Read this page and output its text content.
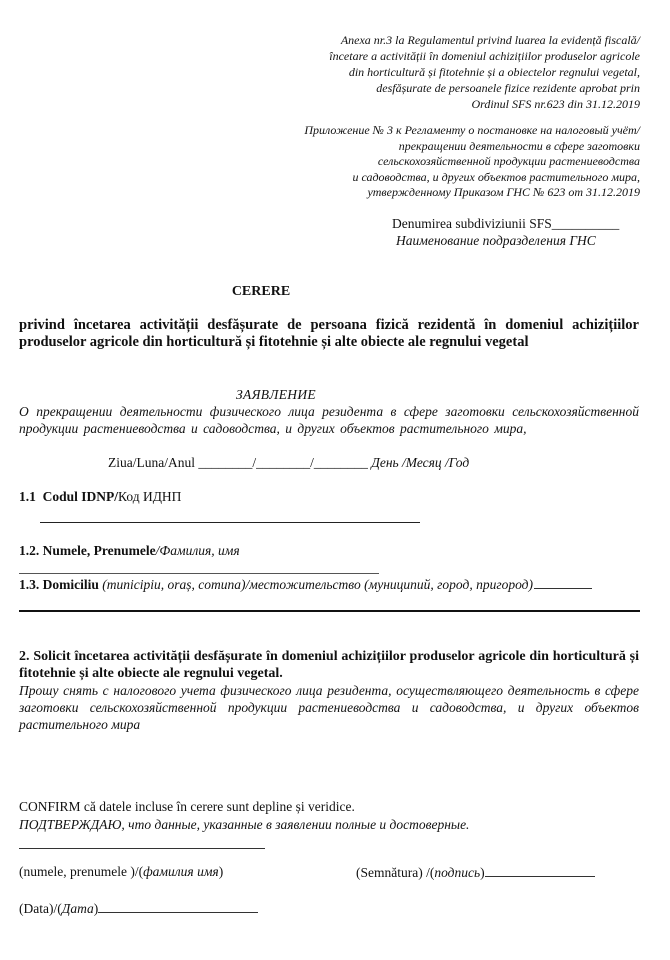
Anexa nr.3 la Regulamentul privind luarea la evidență fiscală/
încetare a activității în domeniul achizițiilor produselor agricole
din horticultură și fitotehnie și a obiectelor regnului vegetal,
desfășurate de persoanele fizice rezidente aprobat prin
Ordinul SFS nr.623 din 31.12.2019
Приложение № 3 к Регламенту о постановке на налоговый учёт/
прекращении деятельности в сфере заготовки
сельскохозяйственной продукции растениеводства
и садоводства, и других объектов растительного мира,
утвержденному Приказом ГНС № 623 от 31.12.2019
Denumirea subdiviziunii SFS__________
Наименование подразделения ГНС
CERERE
privind încetarea activității desfășurate de persoana fizică rezidentă în domeniul achizițiilor produselor agricole din horticultură și fitotehnie și alte obiecte ale regnului vegetal
ЗАЯВЛЕНИЕ
О прекращении деятельности физического лица резидента в сфере заготовки сельскохозяйственной продукции растениеводства и садоводства, и других объектов растительного мира,
Ziua/Luna/Anul ________/________/________ День /Месяц /Год
1.1 Codul IDNP/Код ИДНП
1.2. Numele, Prenumele/Фамилия, имя
1.3. Domiciliu (municipiu, oraș, comuna)/местожительство (муниципий, город, пригород)
2. Solicit încetarea activității desfășurate în domeniul achizițiilor produselor agricole din horticultură și fitotehnie și alte obiecte ale regnului vegetal.
Прошу снять с налогового учета физического лица резидента, осуществляющего деятельность в сфере заготовки сельскохозяйственной продукции растениеводства и садоводства, и других объектов растительного мира
CONFIRM că datele incluse în cerere sunt depline și veridice.
ПОДТВЕРЖДАЮ, что данные, указанные в заявлении полные и достоверные.
(numele, prenumele )/(фамилия имя)	(Semnătura) /(подпись)
(Data)/(Дата)
